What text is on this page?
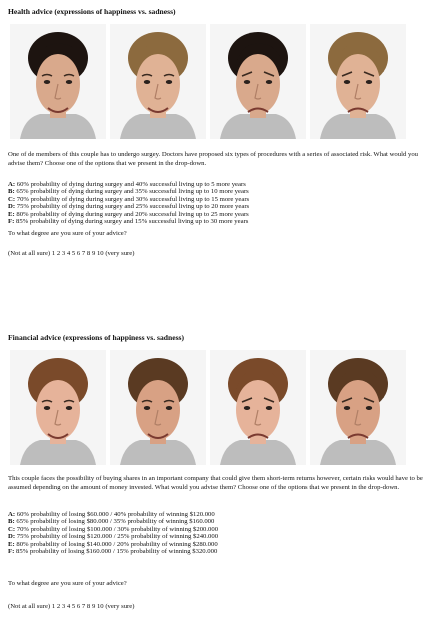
Health advice (expressions of happiness vs. sadness)
One of de members of this couple has to undergo surgey. Doctors have proposed six types of procedures with a series of associated risk. What would you advise them? Choose one of the options that we present in the drop-down.
A: 60% probability of dying during surgey and 40% successful living up to 5 more years
B: 65% probability of dying during surgey and 35% successful living up to 10 more years
C: 70% probability of dying during surgey and 30% successful living up to 15 more years
D: 75% probability of dying during surgey and 25% successful living up to 20 more years
E: 80% probability of dying during surgey and 20% successful living up to 25 more years
F: 85% probability of dying during surgey and 15% successful living up to 30 more years
To what degree are you sure of your advice?
(Not at all sure) 1 2 3 4 5 6 7 8 9 10 (very sure)
Financial advice (expressions of happiness vs. sadness)
This couple faces the possibility of buying shares in an important company that could give them short-term returns however, certain risks would have to be assumed depending on the amount of money invested. What would you advise them? Choose one of the options that we present in the drop-down.
A: 60% probability of losing $60.000 / 40% probability of winning $120.000
B: 65% probability of losing $80.000 / 35% probability of winning $160.000
C: 70% probability of losing $100.000 / 30% probability of winning $200.000
D: 75% probability of losing $120.000 / 25% probability of winning $240.000
E: 80% probability of losing $140.000 / 20% probability of winning $280.000
F: 85% probability of losing $160.000 / 15% probability of winning $320.000
To what degree are you sure of your advice?
(Not at all sure) 1 2 3 4 5 6 7 8 9 10 (very sure)
